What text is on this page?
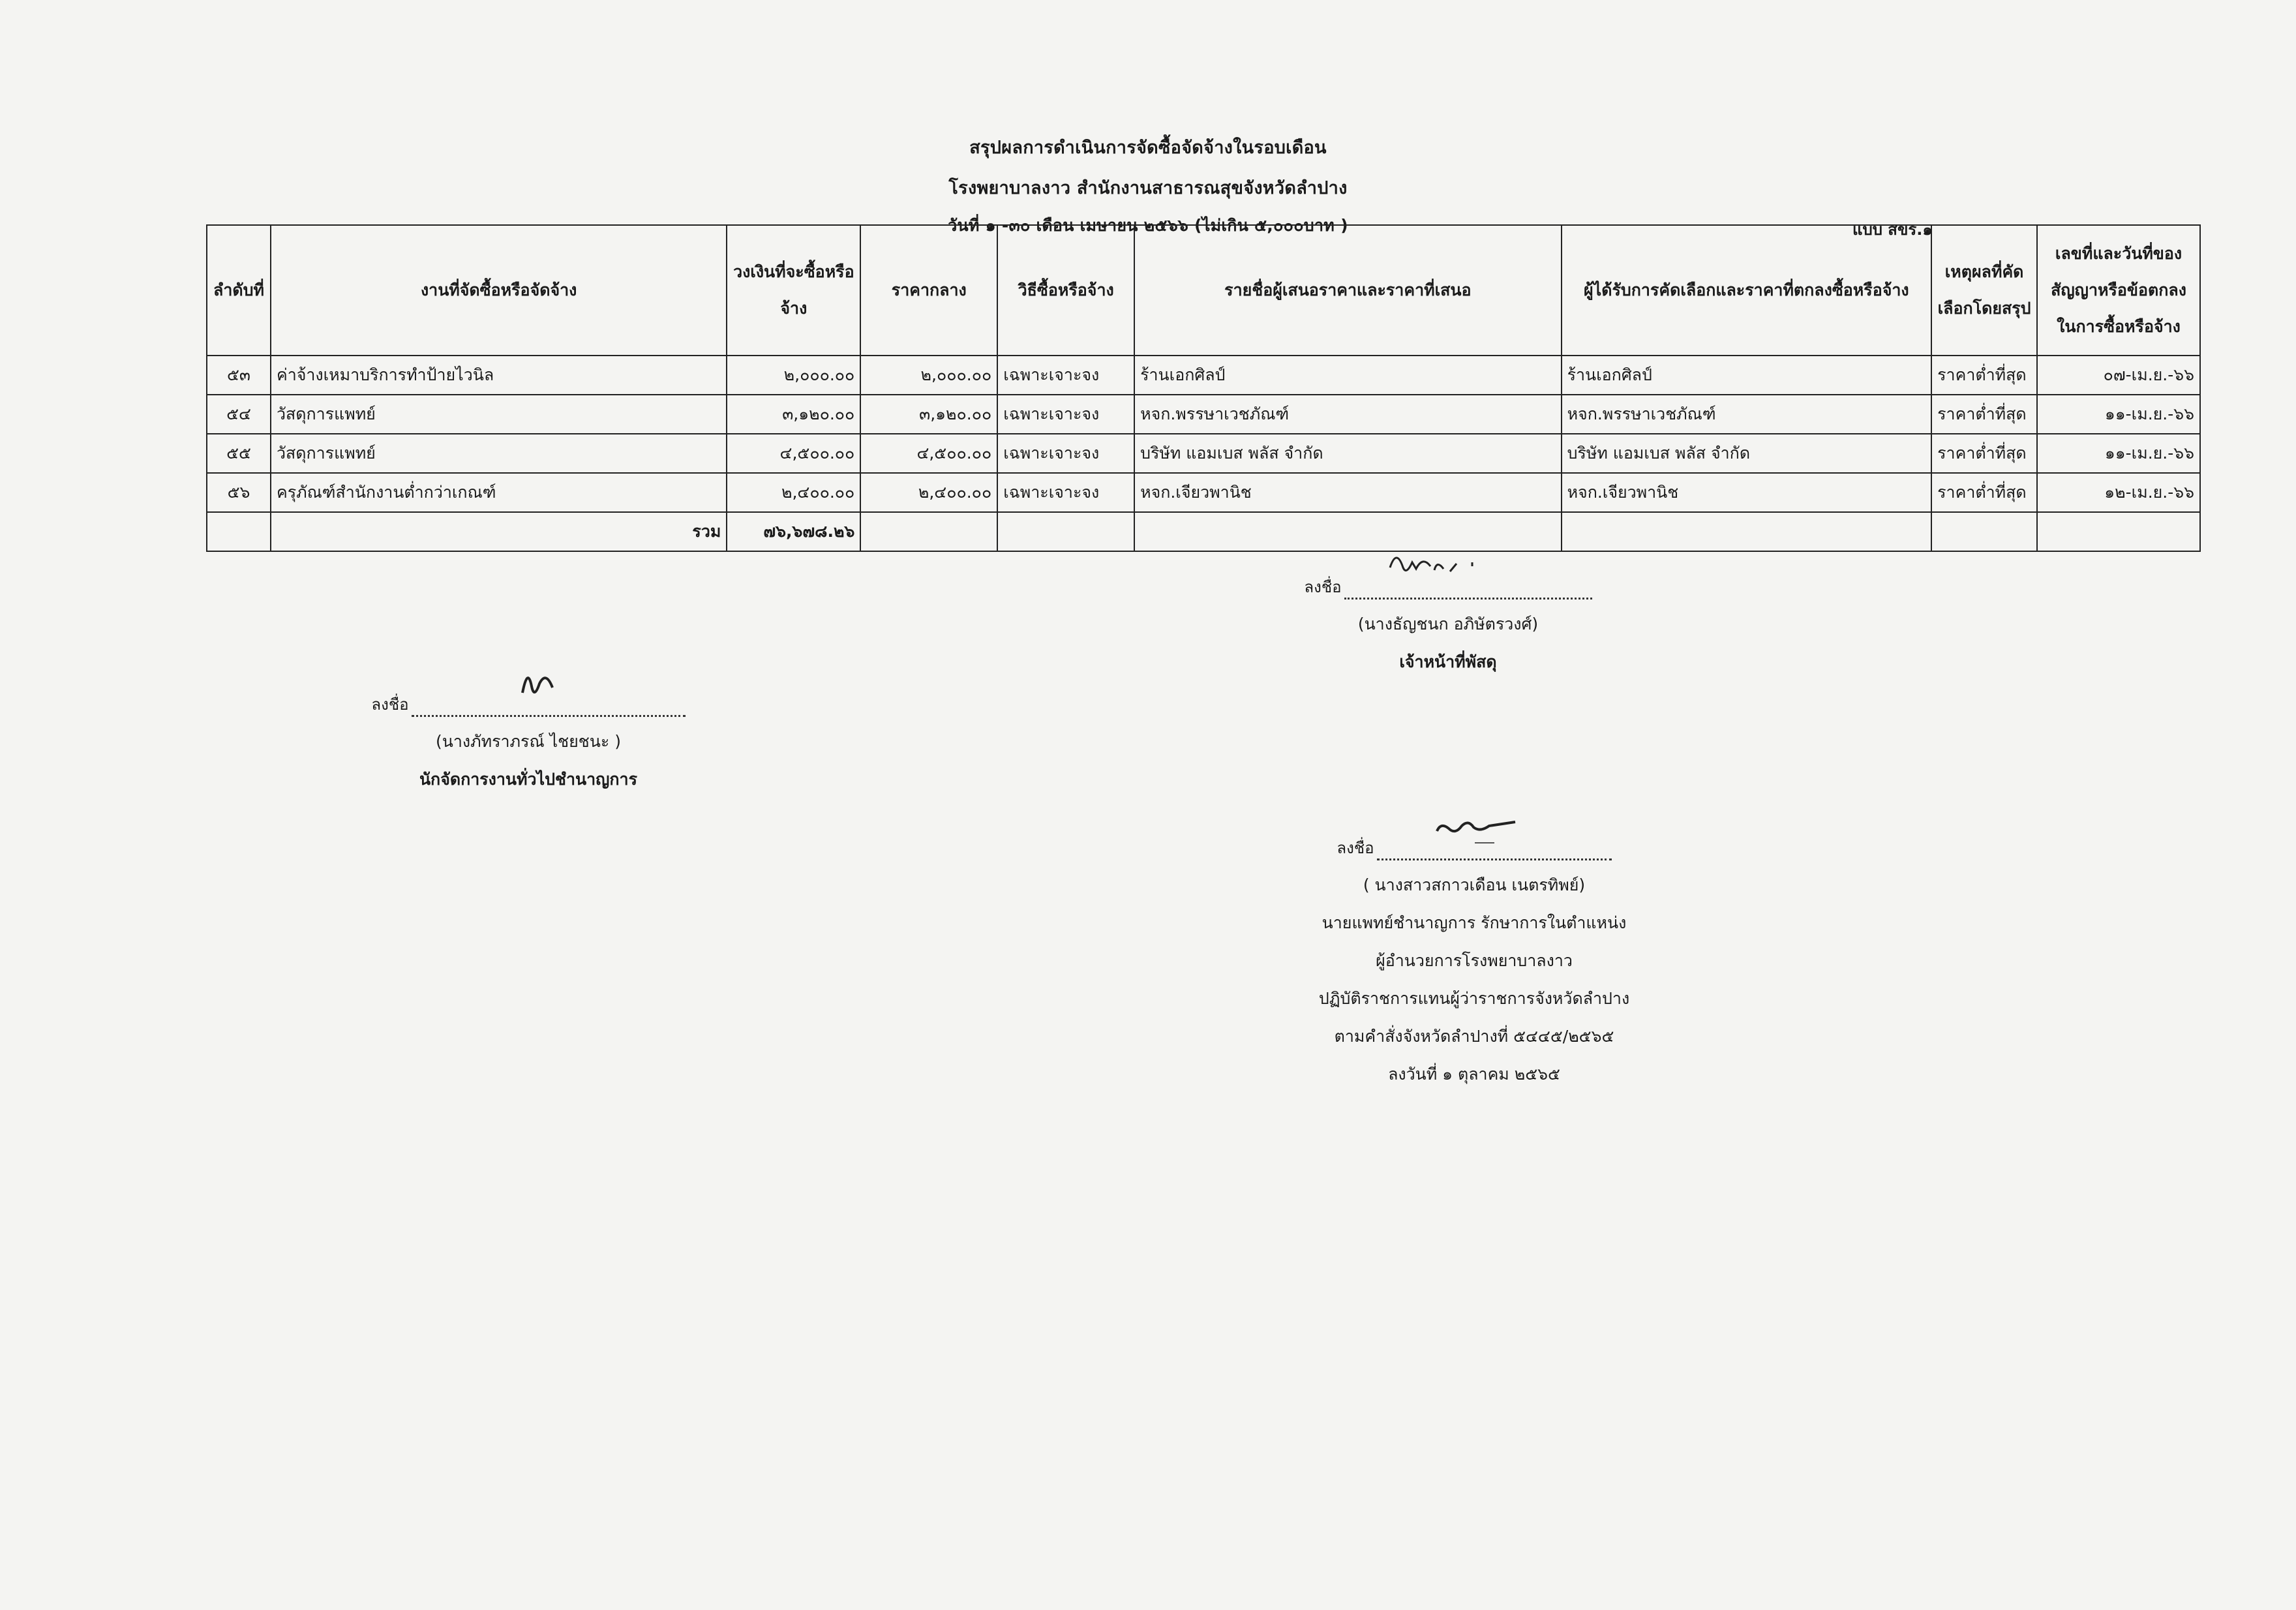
สรุปผลการดำเนินการจัดซื้อจัดจ้างในรอบเดือน
โรงพยาบาลงาว สำนักงานสาธารณสุขจังหวัดลำปาง
วันที่ ๑ -๓๐ เดือน เมษายน ๒๕๖๖ (ไม่เกิน ๕,๐๐๐บาท )	แบบ สขร.๑
ลำดับที่	งานที่จัดซื้อหรือจัดจ้าง	วงเงินที่จะซื้อหรือจ้าง	ราคากลาง	วิธีซื้อหรือจ้าง	รายชื่อผู้เสนอราคาและราคาที่เสนอ	ผู้ได้รับการคัดเลือกและราคาที่ตกลงซื้อหรือจ้าง	เหตุผลที่คัดเลือกโดยสรุป	เลขที่และวันที่ของสัญญาหรือข้อตกลงในการซื้อหรือจ้าง
๕๓	ค่าจ้างเหมาบริการทำป้ายไวนิล	๒,๐๐๐.๐๐	๒,๐๐๐.๐๐	เฉพาะเจาะจง	ร้านเอกศิลป์	ร้านเอกศิลป์	ราคาต่ำที่สุด	๐๗-เม.ย.-๖๖
๕๔	วัสดุการแพทย์	๓,๑๒๐.๐๐	๓,๑๒๐.๐๐	เฉพาะเจาะจง	หจก.พรรษาเวชภัณฑ์	หจก.พรรษาเวชภัณฑ์	ราคาต่ำที่สุด	๑๑-เม.ย.-๖๖
๕๕	วัสดุการแพทย์	๔,๕๐๐.๐๐	๔,๕๐๐.๐๐	เฉพาะเจาะจง	บริษัท แอมเบส พลัส จำกัด	บริษัท แอมเบส พลัส จำกัด	ราคาต่ำที่สุด	๑๑-เม.ย.-๖๖
๕๖	ครุภัณฑ์สำนักงานต่ำกว่าเกณฑ์	๒,๔๐๐.๐๐	๒,๔๐๐.๐๐	เฉพาะเจาะจง	หจก.เจียวพานิช	หจก.เจียวพานิช	ราคาต่ำที่สุด	๑๒-เม.ย.-๖๖
	รวม	๗๖,๖๗๘.๒๖						
ลงชื่อ
(นางธัญชนก อภิษัตรวงศ์)
เจ้าหน้าที่พัสดุ
ลงชื่อ
(นางภัทราภรณ์ ไชยชนะ )
นักจัดการงานทั่วไปชำนาญการ
ลงชื่อ
( นางสาวสกาวเดือน เนตรทิพย์)
นายแพทย์ชำนาญการ รักษาการในตำแหน่ง
ผู้อำนวยการโรงพยาบาลงาว
ปฏิบัติราชการแทนผู้ว่าราชการจังหวัดลำปาง
ตามคำสั่งจังหวัดลำปางที่ ๕๔๔๕/๒๕๖๕
ลงวันที่ ๑ ตุลาคม ๒๕๖๕
